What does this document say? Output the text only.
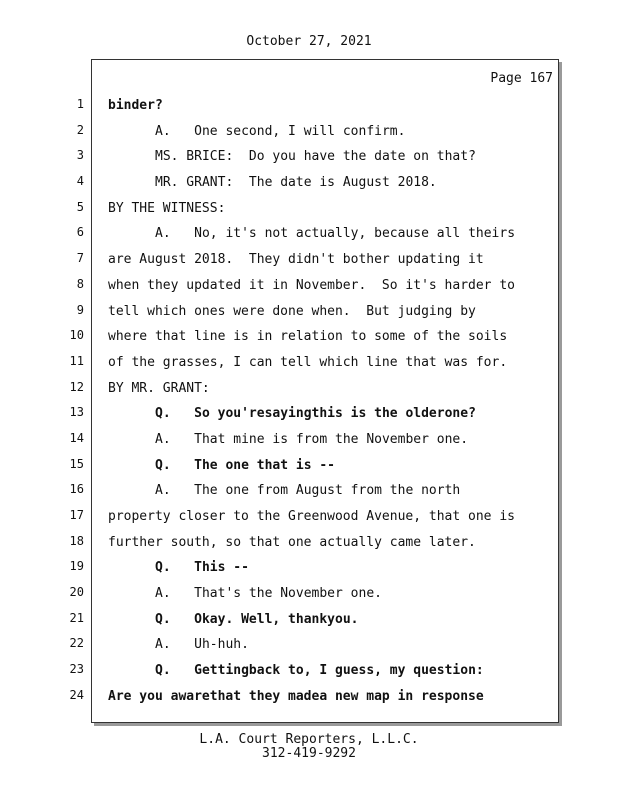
October 27, 2021
1
2
3
4
5
6
7
8
9
10
11
12
13
14
15
16
17
18
19
20
21
22
23
24
Page 167
binder?
A.   One second, I will confirm.
MS. BRICE:  Do you have the date on that?
MR. GRANT:  The date is August 2018.
BY THE WITNESS:
A.   No, it's not actually, because all theirs
are August 2018.  They didn't bother updating it
when they updated it in November.  So it's harder to
tell which ones were done when.  But judging by
where that line is in relation to some of the soils
of the grasses, I can tell which line that was for.
BY MR. GRANT:
Q.   So you'resayingthis is the olderone?
A.   That mine is from the November one.
Q.   The one that is --
A.   The one from August from the north
property closer to the Greenwood Avenue, that one is
further south, so that one actually came later.
Q.   This --
A.   That's the November one.
Q.   Okay. Well, thankyou.
A.   Uh-huh.
Q.   Gettingback to, I guess, my question:
Are you awarethat they madea new map in response
L.A. Court Reporters, L.L.C.
312-419-9292
